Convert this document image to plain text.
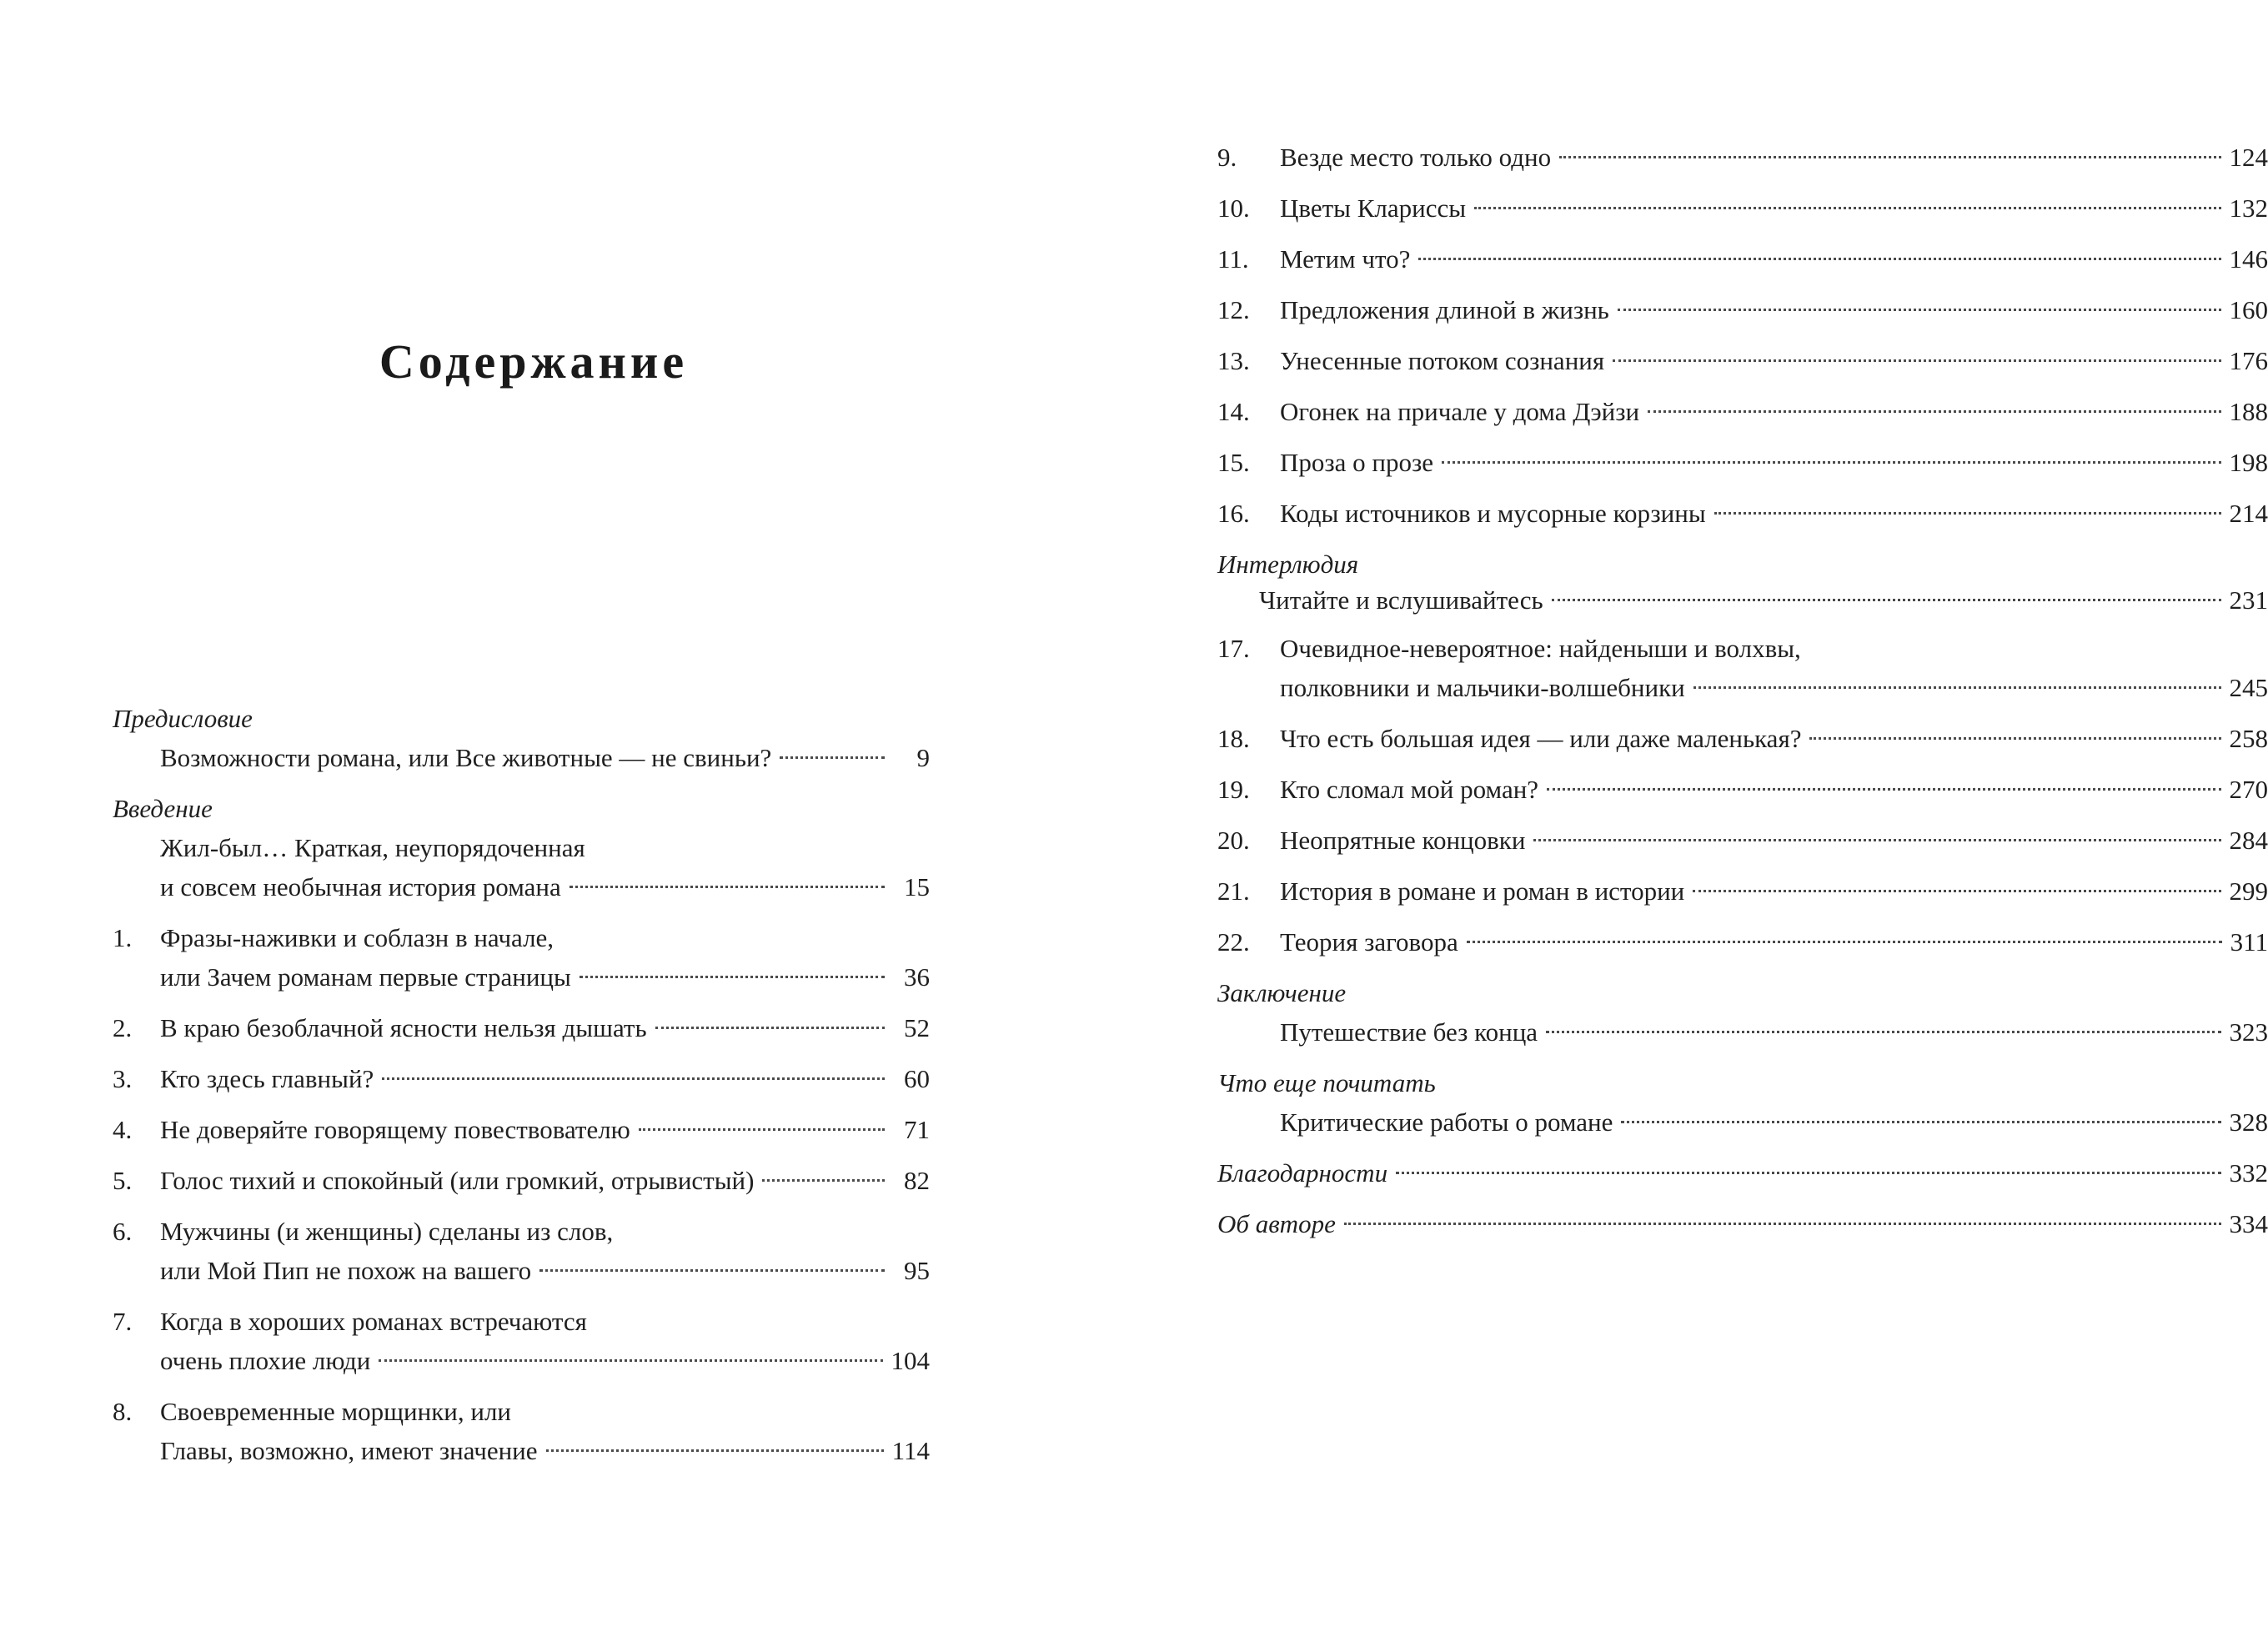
Содержание
Предисловие
Возможности романа, или Все животные — не свиньи?	9
Введение
Жил-был… Краткая, неупорядоченная
и совсем необычная история романа	15
1.	Фразы-наживки и соблазн в начале,
или Зачем романам первые страницы	36
2.	В краю безоблачной ясности нельзя дышать	52
3.	Кто здесь главный?	60
4.	Не доверяйте говорящему повествователю	71
5.	Голос тихий и спокойный (или громкий, отрывистый)	82
6.	Мужчины (и женщины) сделаны из слов,
или Мой Пип не похож на вашего	95
7.	Когда в хороших романах встречаются
очень плохие люди	104
8.	Своевременные морщинки, или
Главы, возможно, имеют значение	114
9.	Везде место только одно	124
10.	Цветы Клариссы	132
11.	Метим что?	146
12.	Предложения длиной в жизнь	160
13.	Унесенные потоком сознания	176
14.	Огонек на причале у дома Дэйзи	188
15.	Проза о прозе	198
16.	Коды источников и мусорные корзины	214
Интерлюдия
Читайте и вслушивайтесь	231
17.	Очевидное-невероятное: найденыши и волхвы,
полковники и мальчики-волшебники	245
18.	Что есть большая идея — или даже маленькая?	258
19.	Кто сломал мой роман?	270
20.	Неопрятные концовки	284
21.	История в романе и роман в истории	299
22.	Теория заговора	311
Заключение
Путешествие без конца	323
Что еще почитать
Критические работы о романе	328
Благодарности	332
Об авторе	334
